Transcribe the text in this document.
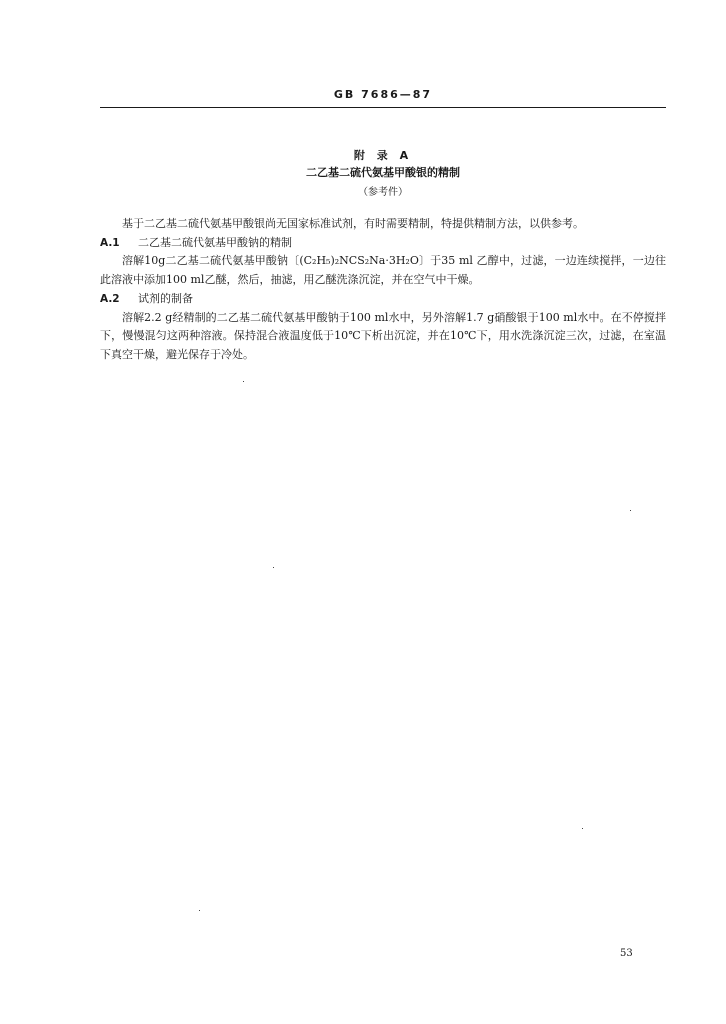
GB 7686—87
附 录 A
二乙基二硫代氨基甲酸银的精制
（参考件）

基于二乙基二硫代氨基甲酸银尚无国家标准试剂，有时需要精制，特提供精制方法，以供参考。

A.1 二乙基二硫代氨基甲酸钠的精制

溶解10g二乙基二硫代氨基甲酸钠〔(C₂H₅)₂NCS₂Na·3H₂O〕于35 ml 乙醇中，过滤，一边连续搅拌，一边往此溶液中添加100 ml乙醚，然后，抽滤，用乙醚洗涤沉淀，并在空气中干燥。

A.2 试剂的制备

溶解2.2 g经精制的二乙基二硫代氨基甲酸钠于100 ml水中，另外溶解1.7 g硝酸银于100 ml水中。在不停搅拌下，慢慢混匀这两种溶液。保持混合液温度低于10℃下析出沉淀，并在10℃下，用水洗涤沉淀三次，过滤，在室温下真空干燥，避光保存于冷处。

53
